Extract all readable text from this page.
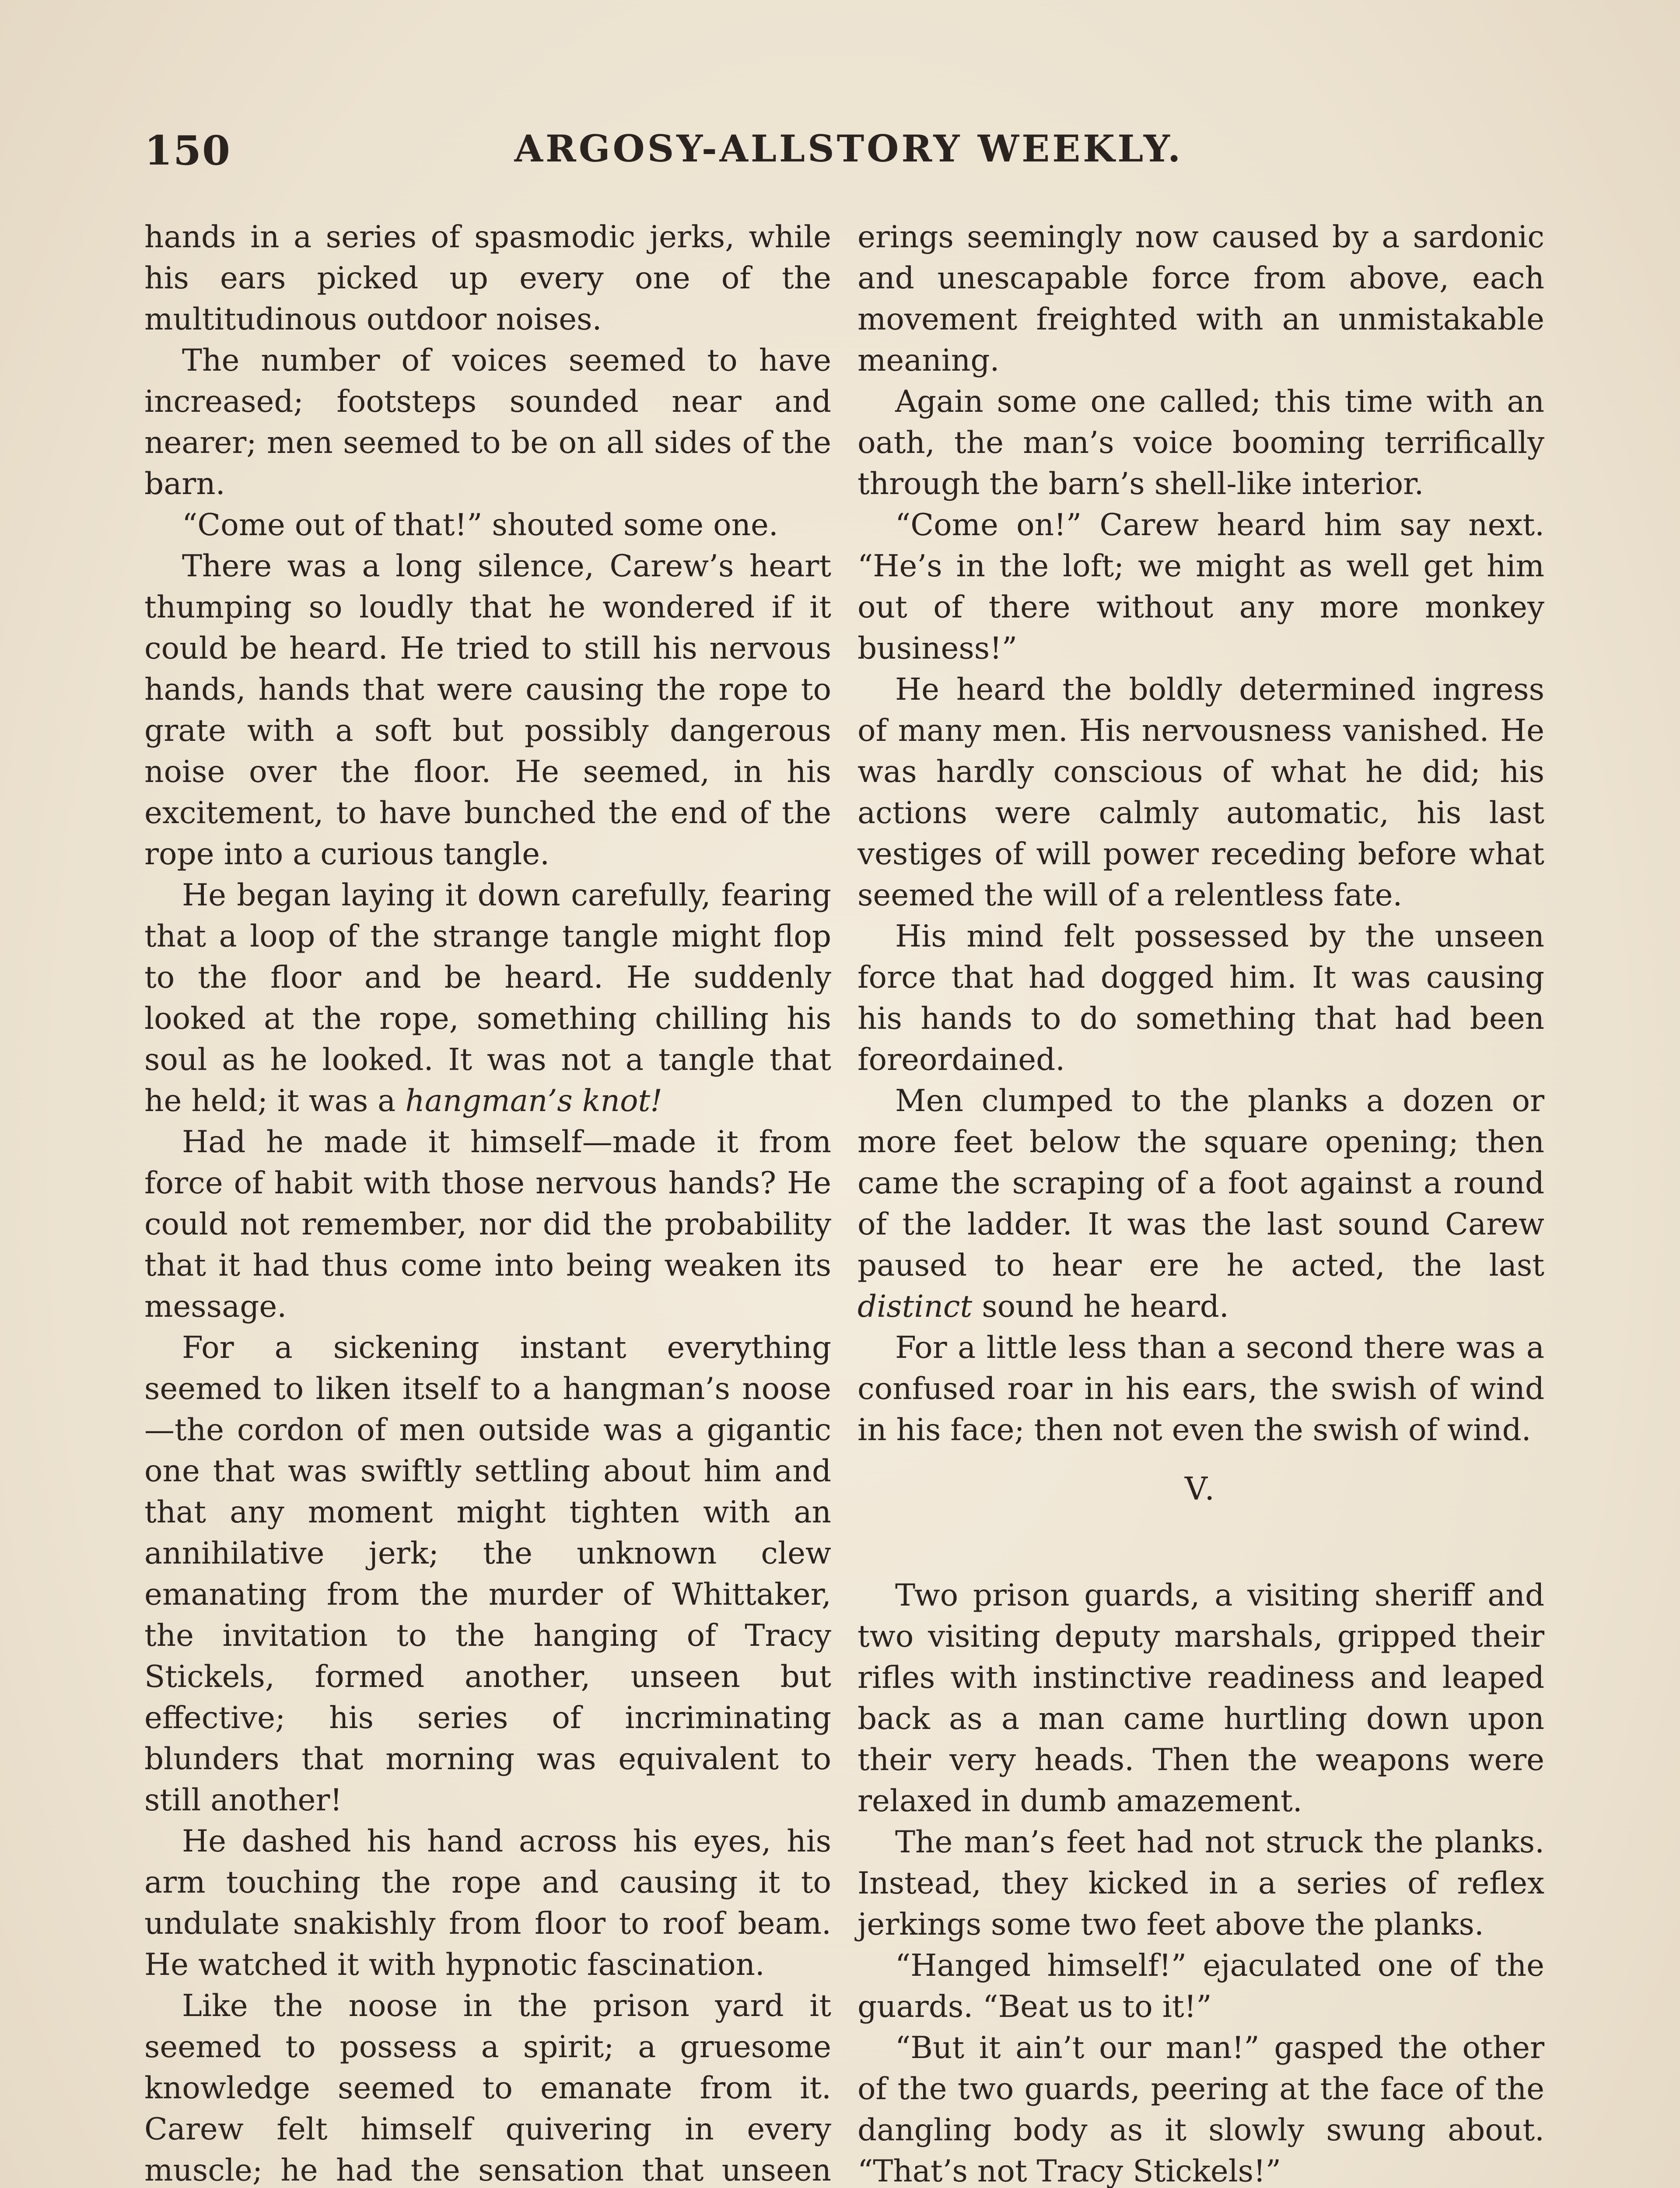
150	ARGOSY-ALLSTORY WEEKLY.

hands in a series of spasmodic jerks, while his ears picked up every one of the multitudinous outdoor noises.

The number of voices seemed to have increased; footsteps sounded near and nearer; men seemed to be on all sides of the barn.

“Come out of that!” shouted some one.

There was a long silence, Carew’s heart thumping so loudly that he wondered if it could be heard. He tried to still his nervous hands, hands that were causing the rope to grate with a soft but possibly dangerous noise over the floor. He seemed, in his excitement, to have bunched the end of the rope into a curious tangle.

He began laying it down carefully, fearing that a loop of the strange tangle might flop to the floor and be heard. He suddenly looked at the rope, something chilling his soul as he looked. It was not a tangle that he held; it was a hangman’s knot!

Had he made it himself—made it from force of habit with those nervous hands? He could not remember, nor did the probability that it had thus come into being weaken its message.

For a sickening instant everything seemed to liken itself to a hangman’s noose—the cordon of men outside was a gigantic one that was swiftly settling about him and that any moment might tighten with an annihilative jerk; the unknown clew emanating from the murder of Whittaker, the invitation to the hanging of Tracy Stickels, formed another, unseen but effective; his series of incriminating blunders that morning was equivalent to still another!

He dashed his hand across his eyes, his arm touching the rope and causing it to undulate snakishly from floor to roof beam. He watched it with hypnotic fascination.

Like the noose in the prison yard it seemed to possess a spirit; a gruesome knowledge seemed to emanate from it. Carew felt himself quivering in every muscle; he had the sensation that unseen

erings seemingly now caused by a sardonic and unescapable force from above, each movement freighted with an unmistakable meaning.

Again some one called; this time with an oath, the man’s voice booming terrifically through the barn’s shell-like interior.

“Come on!” Carew heard him say next. “He’s in the loft; we might as well get him out of there without any more monkey business!”

He heard the boldly determined ingress of many men. His nervousness vanished. He was hardly conscious of what he did; his actions were calmly automatic, his last vestiges of will power receding before what seemed the will of a relentless fate.

His mind felt possessed by the unseen force that had dogged him. It was causing his hands to do something that had been foreordained.

Men clumped to the planks a dozen or more feet below the square opening; then came the scraping of a foot against a round of the ladder. It was the last sound Carew paused to hear ere he acted, the last distinct sound he heard.

For a little less than a second there was a confused roar in his ears, the swish of wind in his face; then not even the swish of wind.

V.

Two prison guards, a visiting sheriff and two visiting deputy marshals, gripped their rifles with instinctive readiness and leaped back as a man came hurtling down upon their very heads. Then the weapons were relaxed in dumb amazement.

The man’s feet had not struck the planks. Instead, they kicked in a series of reflex jerkings some two feet above the planks.

“Hanged himself!” ejaculated one of the guards. “Beat us to it!”

“But it ain’t our man!” gasped the other of the two guards, peering at the face of the dangling body as it slowly swung about. “That’s not Tracy Stickels!”
